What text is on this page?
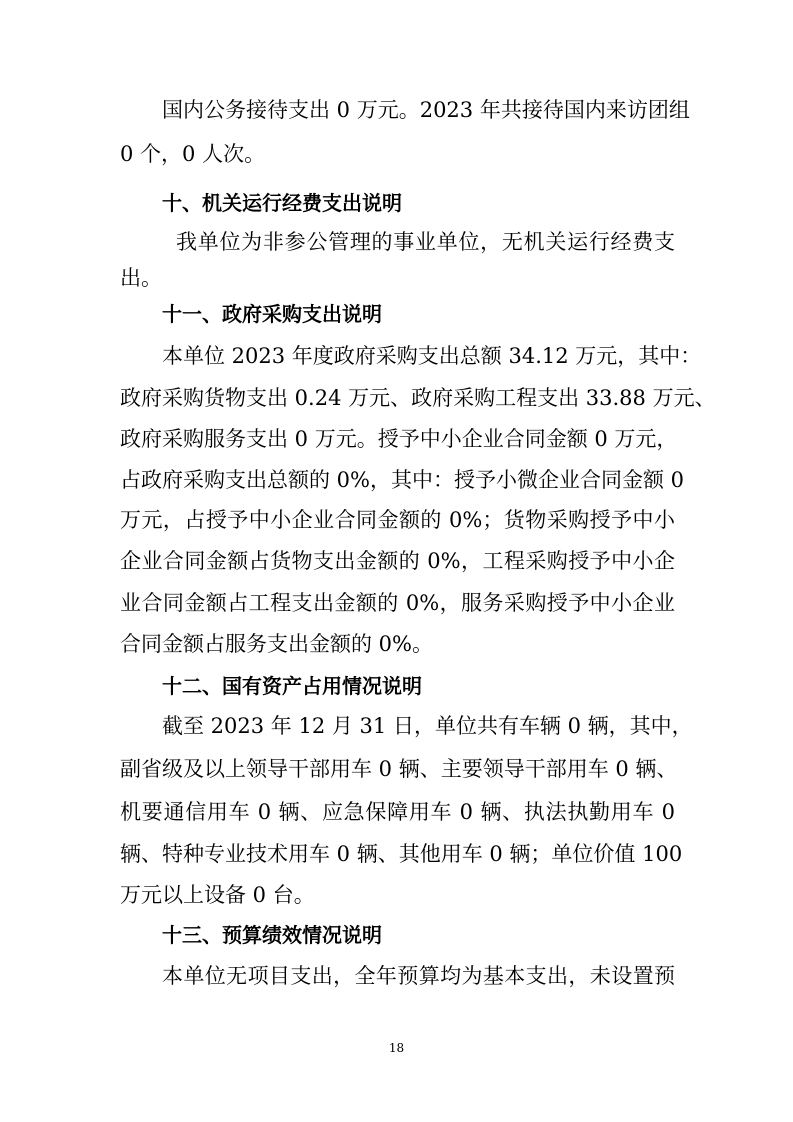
国内公务接待支出 0 万元。2023 年共接待国内来访团组
0 个，0 人次。
十、机关运行经费支出说明
我单位为非参公管理的事业单位，无机关运行经费支
出。
十一、政府采购支出说明
本单位 2023 年度政府采购支出总额 34.12 万元，其中：
政府采购货物支出 0.24 万元、政府采购工程支出 33.88 万元、
政府采购服务支出 0 万元。授予中小企业合同金额 0 万元，
占政府采购支出总额的 0%，其中：授予小微企业合同金额 0
万元，占授予中小企业合同金额的 0%；货物采购授予中小
企业合同金额占货物支出金额的 0%，工程采购授予中小企
业合同金额占工程支出金额的 0%，服务采购授予中小企业
合同金额占服务支出金额的 0%。
十二、国有资产占用情况说明
截至 2023 年 12 月 31 日，单位共有车辆 0 辆，其中，
副省级及以上领导干部用车 0 辆、主要领导干部用车 0 辆、
机要通信用车 0 辆、应急保障用车 0 辆、执法执勤用车 0
辆、特种专业技术用车 0 辆、其他用车 0 辆；单位价值 100
万元以上设备 0 台。
十三、预算绩效情况说明
本单位无项目支出，全年预算均为基本支出，未设置预
18
